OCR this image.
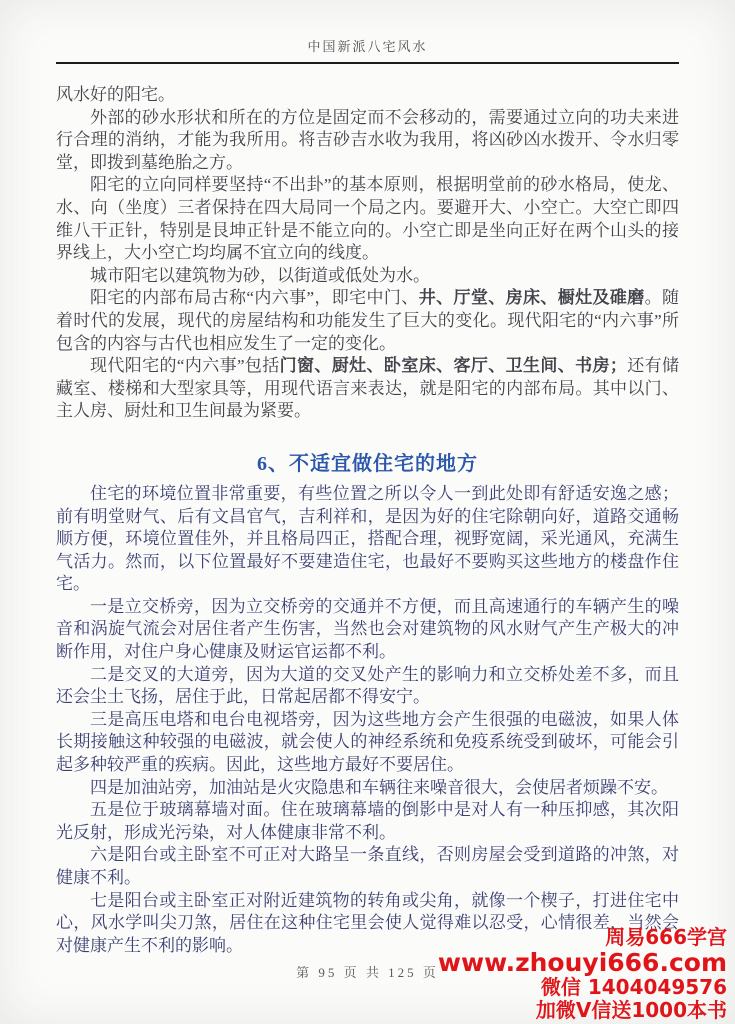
中国新派八宅风水

风水好的阳宅。

外部的砂水形状和所在的方位是固定而不会移动的，需要通过立向的功夫来进行合理的消纳，才能为我所用。将吉砂吉水收为我用，将凶砂凶水拨开、令水归零堂，即拨到墓绝胎之方。

阳宅的立向同样要坚持“不出卦”的基本原则，根据明堂前的砂水格局，使龙、水、向（坐度）三者保持在四大局同一个局之内。要避开大、小空亡。大空亡即四维八干正针，特别是艮坤正针是不能立向的。小空亡即是坐向正好在两个山头的接界线上，大小空亡均均属不宜立向的线度。

城市阳宅以建筑物为砂，以街道或低处为水。

阳宅的内部布局古称“内六事”，即宅中门、井、厅堂、房床、橱灶及碓磨。随着时代的发展，现代的房屋结构和功能发生了巨大的变化。现代阳宅的“内六事”所包含的内容与古代也相应发生了一定的变化。

现代阳宅的“内六事”包括门窗、厨灶、卧室床、客厅、卫生间、书房；还有储藏室、楼梯和大型家具等，用现代语言来表达，就是阳宅的内部布局。其中以门、主人房、厨灶和卫生间最为紧要。

6、不适宜做住宅的地方

住宅的环境位置非常重要，有些位置之所以令人一到此处即有舒适安逸之感；前有明堂财气、后有文昌官气，吉利祥和，是因为好的住宅除朝向好，道路交通畅顺方便，环境位置佳外，并且格局四正，搭配合理，视野宽阔，采光通风，充满生气活力。然而，以下位置最好不要建造住宅，也最好不要购买这些地方的楼盘作住宅。

一是立交桥旁，因为立交桥旁的交通并不方便，而且高速通行的车辆产生的噪音和涡旋气流会对居住者产生伤害，当然也会对建筑物的风水财气产生产极大的冲断作用，对住户身心健康及财运官运都不利。

二是交叉的大道旁，因为大道的交叉处产生的影响力和立交桥处差不多，而且还会尘土飞扬，居住于此，日常起居都不得安宁。

三是高压电塔和电台电视塔旁，因为这些地方会产生很强的电磁波，如果人体长期接触这种较强的电磁波，就会使人的神经系统和免疫系统受到破坏，可能会引起多种较严重的疾病。因此，这些地方最好不要居住。

四是加油站旁，加油站是火灾隐患和车辆往来噪音很大，会使居者烦躁不安。

五是位于玻璃幕墙对面。住在玻璃幕墙的倒影中是对人有一种压抑感，其次阳光反射，形成光污染，对人体健康非常不利。

六是阳台或主卧室不可正对大路呈一条直线，否则房屋会受到道路的冲煞，对健康不利。

七是阳台或主卧室正对附近建筑物的转角或尖角，就像一个楔子，打进住宅中心，风水学叫尖刀煞，居住在这种住宅里会使人觉得难以忍受，心情很差，当然会对健康产生不利的影响。

第 95 页 共 125 页
周易666学宫
www.zhouyi666.com
微信 1404049576
加微V信送1000本书
